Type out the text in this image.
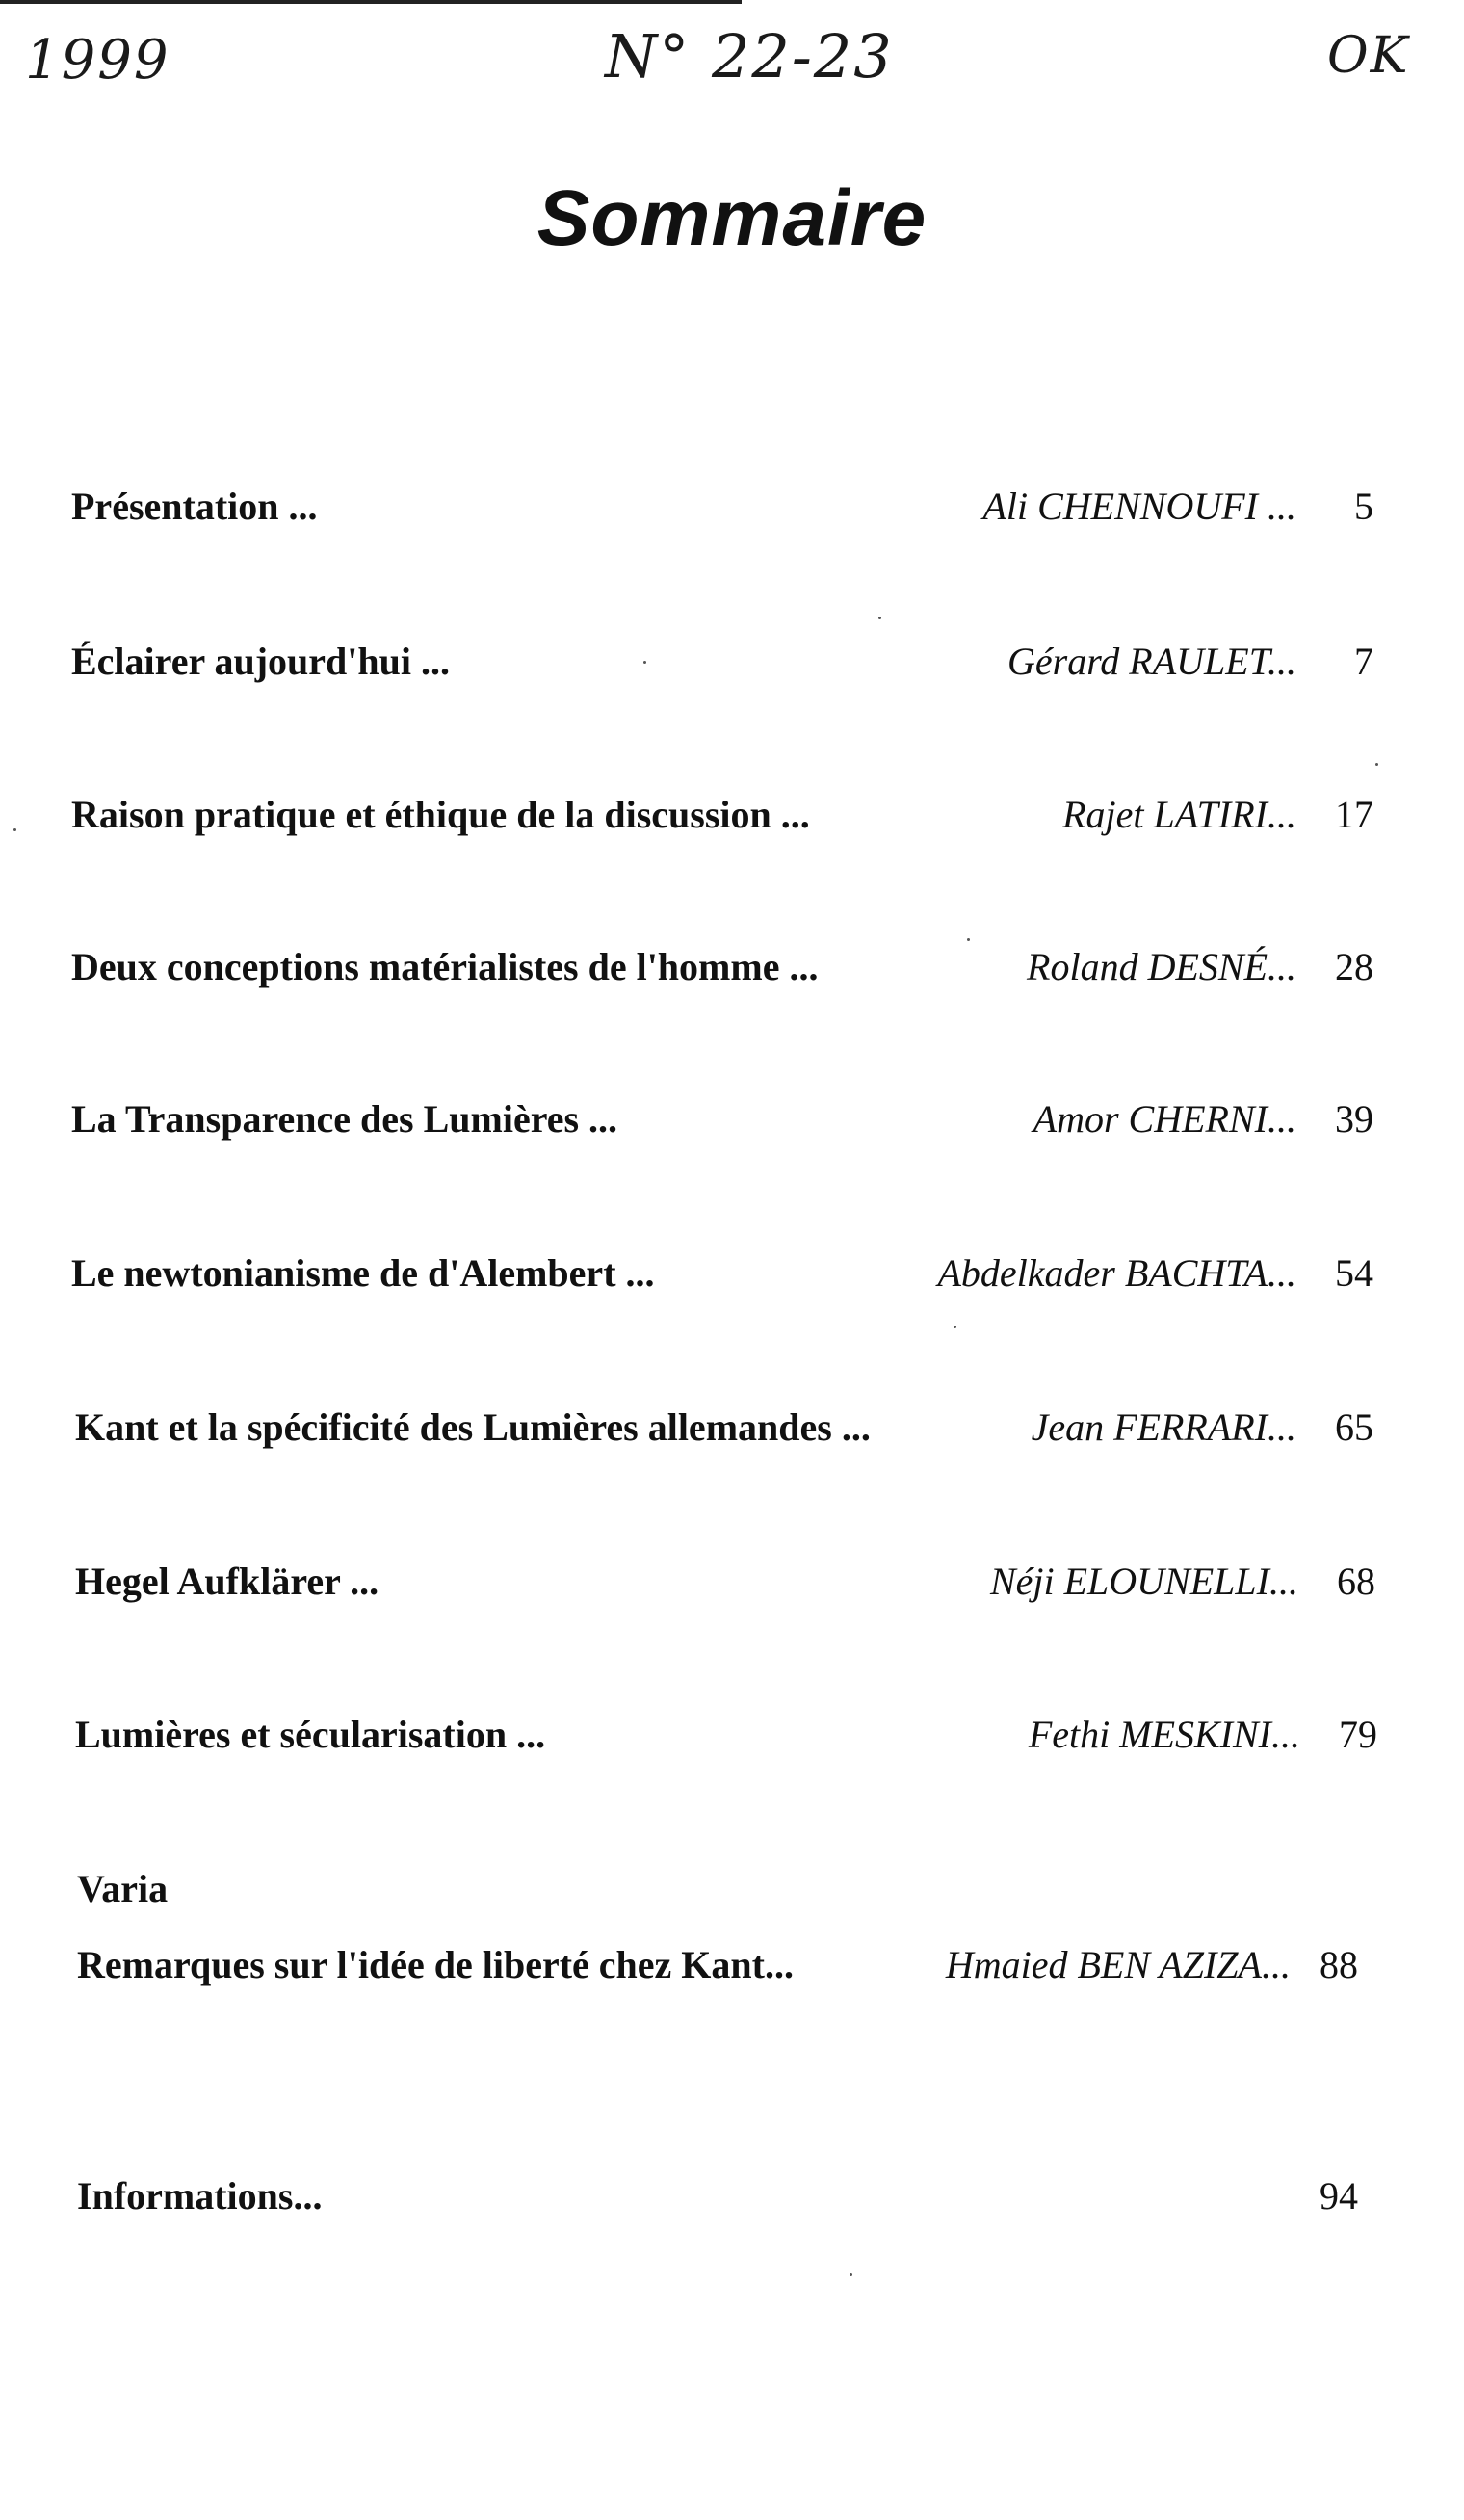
1999	N° 22-23	OK
Sommaire
Présentation ...	Ali CHENNOUFI ...	5
Éclairer aujourd'hui ...	Gérard RAULET...	7
Raison pratique et éthique de la discussion ...	Rajet LATIRI...	17
Deux conceptions matérialistes de l'homme ...	Roland DESNÉ...	28
La Transparence des Lumières ...	Amor CHERNI...	39
Le newtonianisme de d'Alembert ...	Abdelkader BACHTA...	54
Kant et la spécificité des Lumières allemandes ...	Jean FERRARI...	65
Hegel Aufklärer ...	Néji ELOUNELLI...	68
Lumières et sécularisation ...	Fethi MESKINI...	79
Varia
Remarques sur l'idée de liberté chez Kant...	Hmaied BEN AZIZA... 88
Informations...	94
